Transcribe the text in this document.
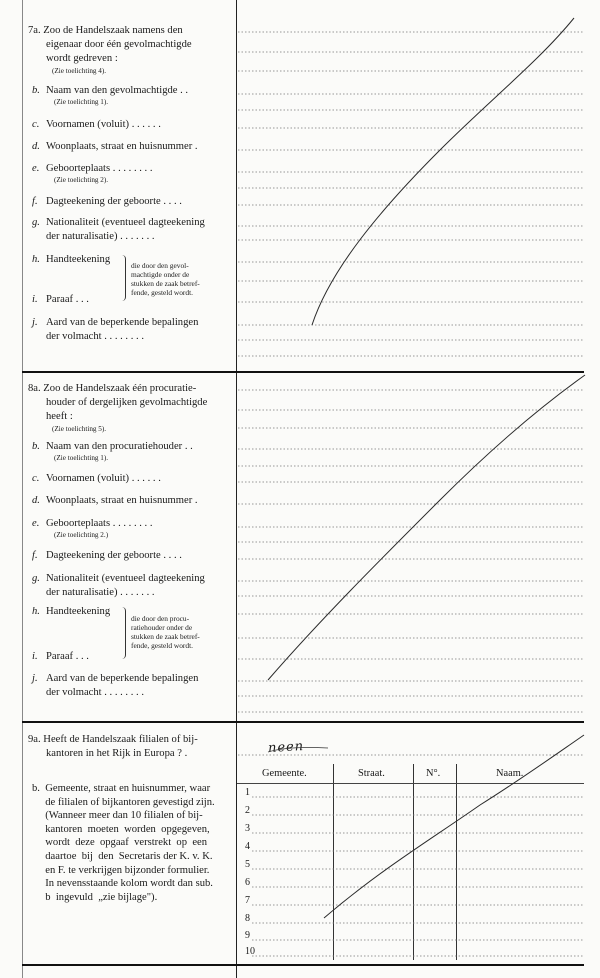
7a. Zoo de Handelszaak namens den
eigenaar door één gevolmachtigde
wordt gedreven :
(Zie toelichting 4).
b. Naam van den gevolmachtigde . .
(Zie toelichting 1).
c. Voornamen (voluit) . . . . . .
d. Woonplaats, straat en huisnummer .
e. Geboorteplaats . . . . . . . .
(Zie toelichting 2).
f. Dagteekening der geboorte . . . .
g. Nationaliteit (eventueel dagteekening
der naturalisatie) . . . . . . .
h. Handteekening
die door den gevol-
machtigde onder de
stukken de zaak betref-
fende, gesteld wordt.
i. Paraaf . . .
j. Aard van de beperkende bepalingen
der volmacht . . . . . . . .
8a. Zoo de Handelszaak één procuratie-
houder of dergelijken gevolmachtigde
heeft :
(Zie toelichting 5).
b. Naam van den procuratiehouder . .
(Zie toelichting 1).
c. Voornamen (voluit) . . . . . .
d. Woonplaats, straat en huisnummer .
e. Geboorteplaats . . . . . . . .
(Zie toelichting 2.)
f. Dagteekening der geboorte . . . .
g. Nationaliteit (eventueel dagteekening
der naturalisatie) . . . . . . .
h. Handteekening
die door den procu-
ratiehouder onder de
stukken de zaak betref-
fende, gesteld wordt.
i. Paraaf . . .
j. Aard van de beperkende bepalingen
der volmacht . . . . . . . .
9a. Heeft de Handelszaak filialen of bij-
kantoren in het Rijk in Europa ? .
b.  Gemeente, straat en huisnummer, waar
de filialen of bijkantoren gevestigd zijn.
(Wanneer meer dan 10 filialen of bij-
kantoren  moeten  worden  opgegeven,
wordt  deze  opgaaf  verstrekt  op  een
daartoe  bij  den  Secretaris der K. v. K.
en F. te verkrijgen bijzonder formulier.
In nevensstaande kolom wordt dan sub.
b  ingevuld  „zie bijlage").
neen
Gemeente.	Straat.	N°.	Naam.
1
2
3
4
5
6
7
8
9
10
